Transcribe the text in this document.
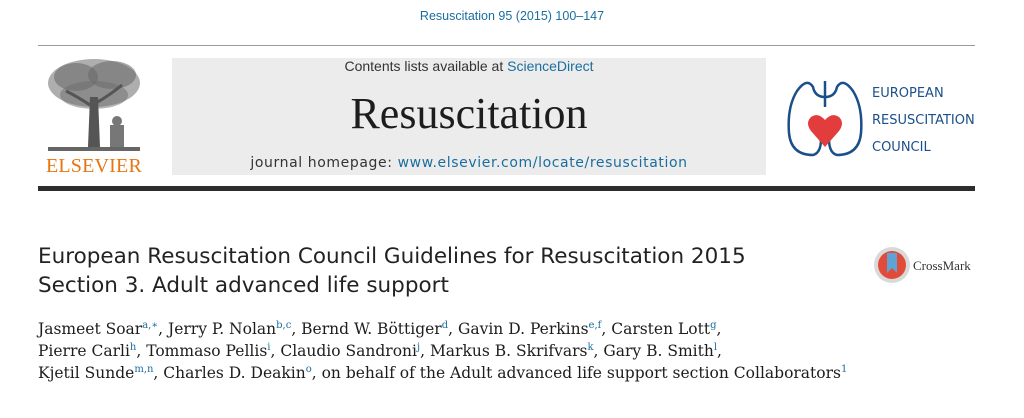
Resuscitation 95 (2015) 100–147
ELSEVIER
Contents lists available at ScienceDirect
Resuscitation
journal homepage: www.elsevier.com/locate/resuscitation
EUROPEAN
RESUSCITATION
COUNCIL
European Resuscitation Council Guidelines for Resuscitation 2015
Section 3. Adult advanced life support
CrossMark
Jasmeet Soar$^{a,∗}$, Jerry P. Nolan$^{b,c}$, Bernd W. Böttiger$^d$, Gavin D. Perkins$^{e,f}$, Carsten Lott$^g$,
Pierre Carli$^h$, Tommaso Pellis$^i$, Claudio Sandroni$^j$, Markus B. Skrifvars$^k$, Gary B. Smith$^l$,
Kjetil Sunde$^{m,n}$, Charles D. Deakin$^o$, on behalf of the Adult advanced life support section Collaborators$^1$
